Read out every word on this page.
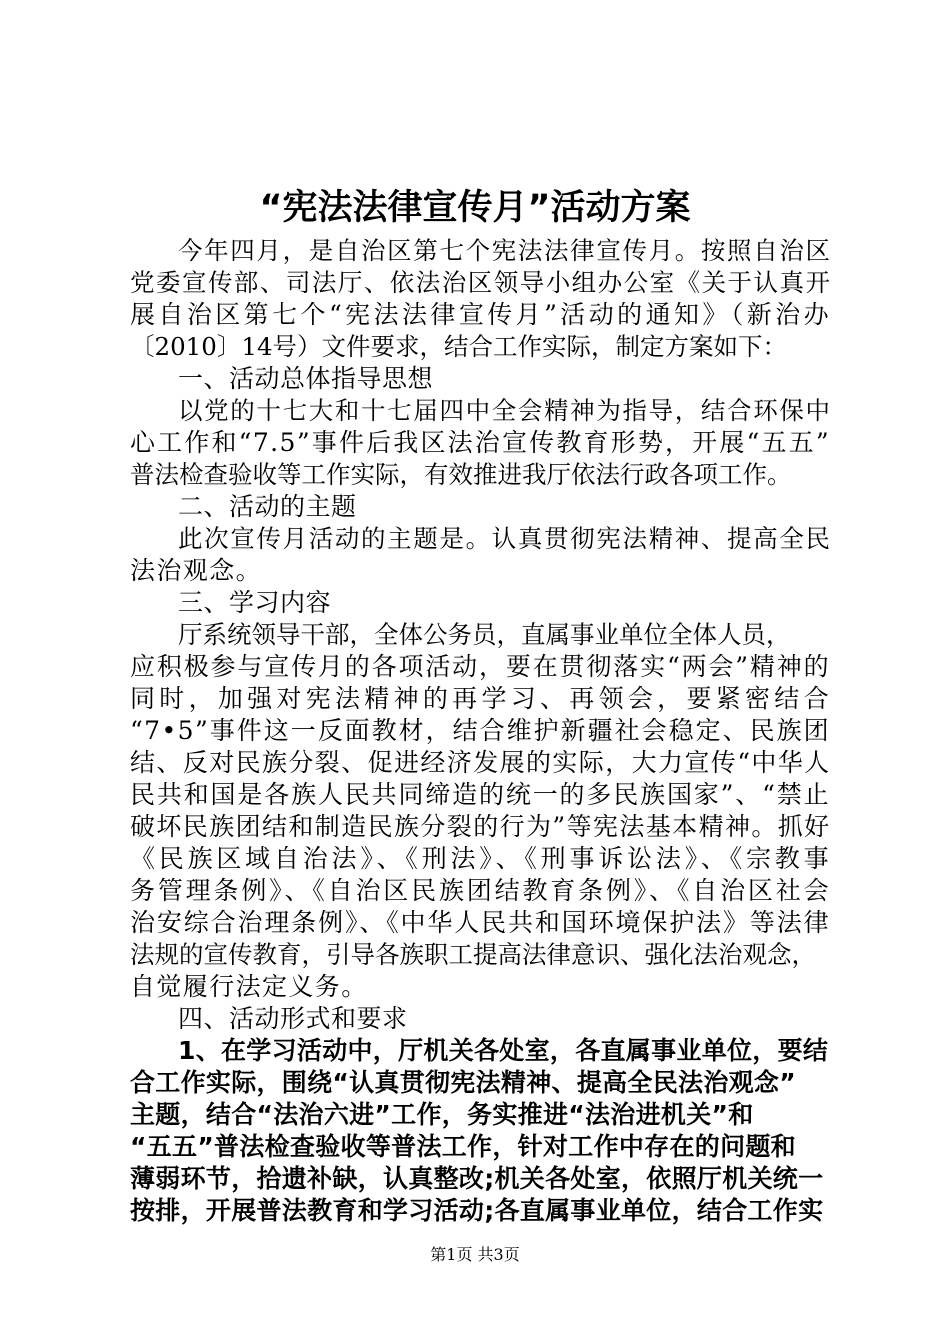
“宪法法律宣传月”活动方案
今年四月，是自治区第七个宪法法律宣传月。按照自治区
党委宣传部、司法厅、依法治区领导小组办公室《关于认真开
展自治区第七个“宪法法律宣传月”活动的通知》（新治办
〔2010〕14号）文件要求，结合工作实际，制定方案如下：
一、活动总体指导思想
以党的十七大和十七届四中全会精神为指导，结合环保中
心工作和“7.5”事件后我区法治宣传教育形势，开展“五五”
普法检查验收等工作实际，有效推进我厅依法行政各项工作。
二、活动的主题
此次宣传月活动的主题是。认真贯彻宪法精神、提高全民
法治观念。
三、学习内容
厅系统领导干部，全体公务员，直属事业单位全体人员，
应积极参与宣传月的各项活动，要在贯彻落实“两会”精神的
同时，加强对宪法精神的再学习、再领会，要紧密结合
“7•5”事件这一反面教材，结合维护新疆社会稳定、民族团
结、反对民族分裂、促进经济发展的实际，大力宣传“中华人
民共和国是各族人民共同缔造的统一的多民族国家”、“禁止
破坏民族团结和制造民族分裂的行为”等宪法基本精神。抓好
《民族区域自治法》、《刑法》、《刑事诉讼法》、《宗教事
务管理条例》、《自治区民族团结教育条例》、《自治区社会
治安综合治理条例》、《中华人民共和国环境保护法》等法律
法规的宣传教育，引导各族职工提高法律意识、强化法治观念，
自觉履行法定义务。
四、活动形式和要求
1、在学习活动中，厅机关各处室，各直属事业单位，要结
合工作实际，围绕“认真贯彻宪法精神、提高全民法治观念”
主题，结合“法治六进”工作，务实推进“法治进机关”和
“五五”普法检查验收等普法工作，针对工作中存在的问题和
薄弱环节，拾遗补缺，认真整改;机关各处室，依照厅机关统一
按排，开展普法教育和学习活动;各直属事业单位，结合工作实
第1页 共3页
